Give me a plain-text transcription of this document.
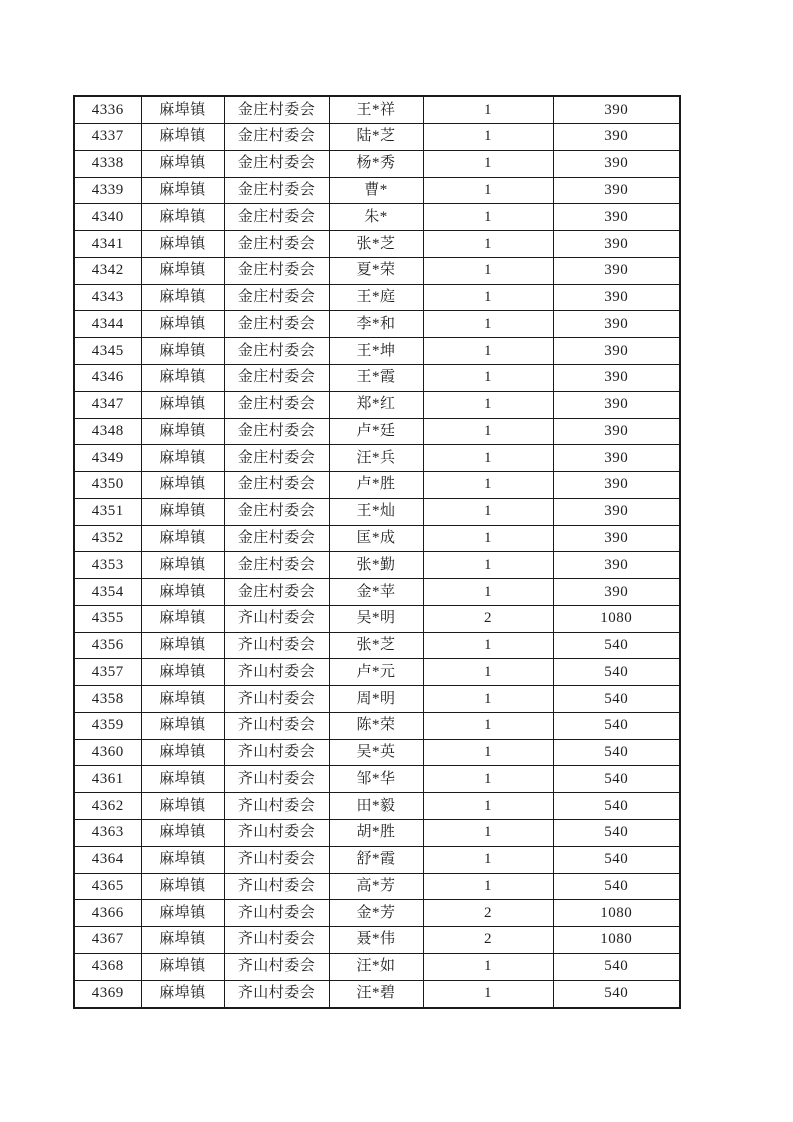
4336	麻埠镇	金庄村委会	王*祥	1	390
4337	麻埠镇	金庄村委会	陆*芝	1	390
4338	麻埠镇	金庄村委会	杨*秀	1	390
4339	麻埠镇	金庄村委会	曹*	1	390
4340	麻埠镇	金庄村委会	朱*	1	390
4341	麻埠镇	金庄村委会	张*芝	1	390
4342	麻埠镇	金庄村委会	夏*荣	1	390
4343	麻埠镇	金庄村委会	王*庭	1	390
4344	麻埠镇	金庄村委会	李*和	1	390
4345	麻埠镇	金庄村委会	王*坤	1	390
4346	麻埠镇	金庄村委会	王*霞	1	390
4347	麻埠镇	金庄村委会	郑*红	1	390
4348	麻埠镇	金庄村委会	卢*廷	1	390
4349	麻埠镇	金庄村委会	汪*兵	1	390
4350	麻埠镇	金庄村委会	卢*胜	1	390
4351	麻埠镇	金庄村委会	王*灿	1	390
4352	麻埠镇	金庄村委会	匡*成	1	390
4353	麻埠镇	金庄村委会	张*勤	1	390
4354	麻埠镇	金庄村委会	金*苹	1	390
4355	麻埠镇	齐山村委会	吴*明	2	1080
4356	麻埠镇	齐山村委会	张*芝	1	540
4357	麻埠镇	齐山村委会	卢*元	1	540
4358	麻埠镇	齐山村委会	周*明	1	540
4359	麻埠镇	齐山村委会	陈*荣	1	540
4360	麻埠镇	齐山村委会	吴*英	1	540
4361	麻埠镇	齐山村委会	邹*华	1	540
4362	麻埠镇	齐山村委会	田*毅	1	540
4363	麻埠镇	齐山村委会	胡*胜	1	540
4364	麻埠镇	齐山村委会	舒*霞	1	540
4365	麻埠镇	齐山村委会	高*芳	1	540
4366	麻埠镇	齐山村委会	金*芳	2	1080
4367	麻埠镇	齐山村委会	聂*伟	2	1080
4368	麻埠镇	齐山村委会	汪*如	1	540
4369	麻埠镇	齐山村委会	汪*碧	1	540
